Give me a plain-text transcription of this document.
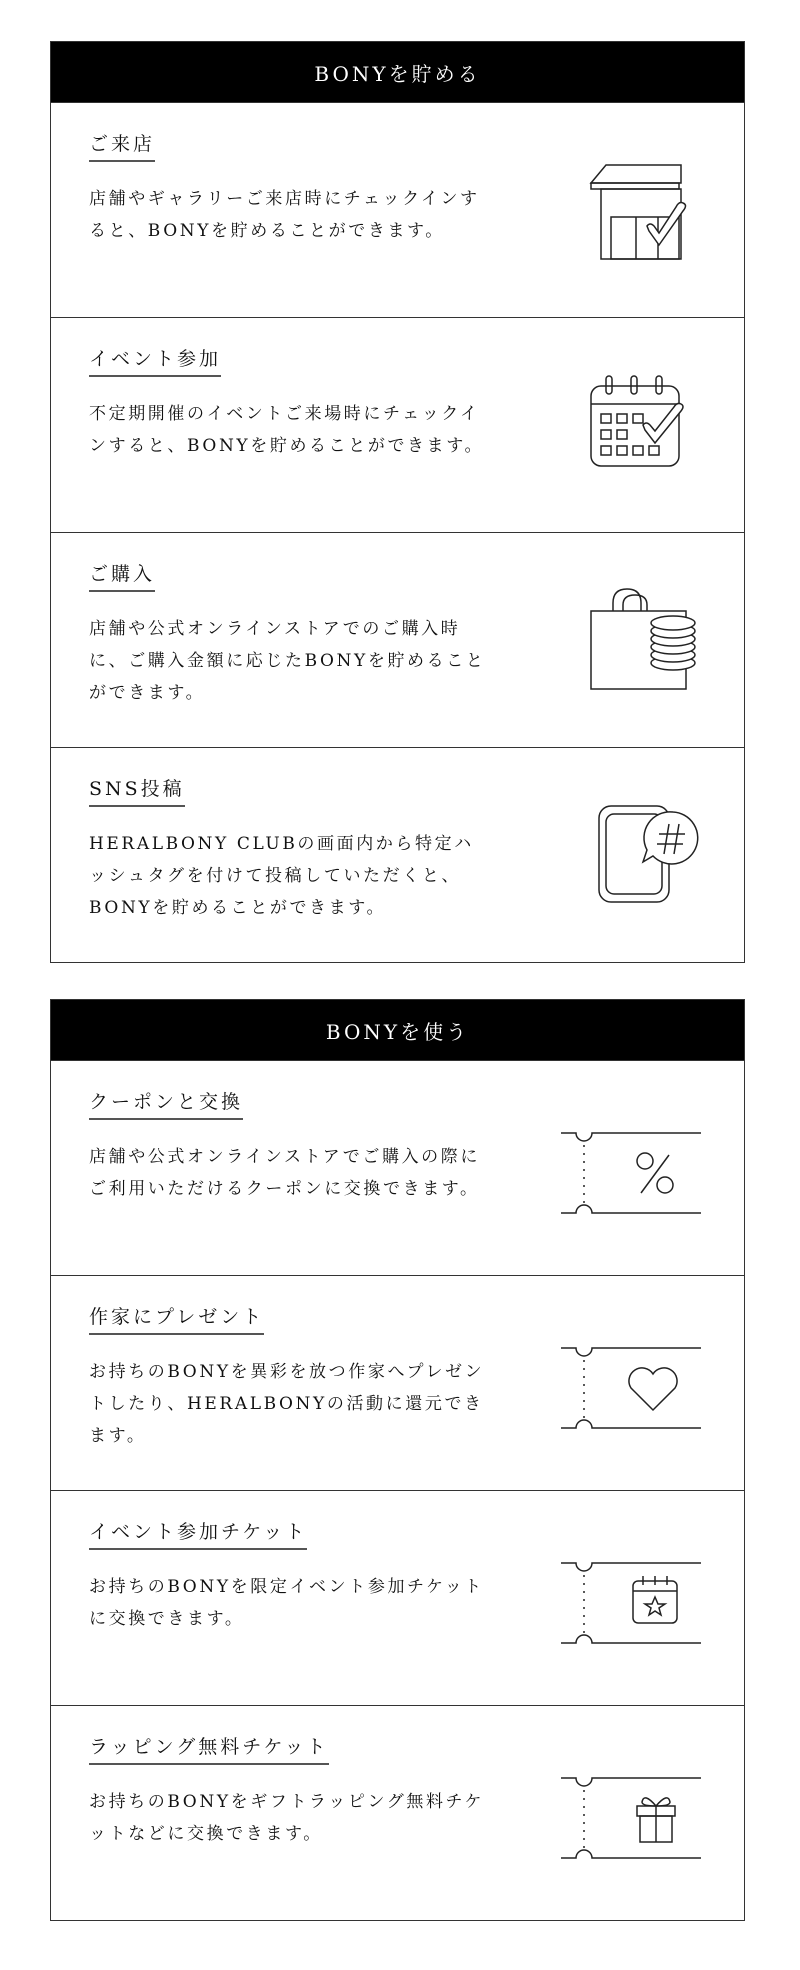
BONYを貯める
ご来店
店舗やギャラリーご来店時にチェックインすると、BONYを貯めることができます。
イベント参加
不定期開催のイベントご来場時にチェックインすると、BONYを貯めることができます。
ご購入
店舗や公式オンラインストアでのご購入時に、ご購入金額に応じたBONYを貯めることができます。
SNS投稿
HERALBONY CLUBの画面内から特定ハッシュタグを付けて投稿していただくと、BONYを貯めることができます。
BONYを使う
クーポンと交換
店舗や公式オンラインストアでご購入の際にご利用いただけるクーポンに交換できます。
作家にプレゼント
お持ちのBONYを異彩を放つ作家へプレゼントしたり、HERALBONYの活動に還元できます。
イベント参加チケット
お持ちのBONYを限定イベント参加チケットに交換できます。
ラッピング無料チケット
お持ちのBONYをギフトラッピング無料チケットなどに交換できます。
